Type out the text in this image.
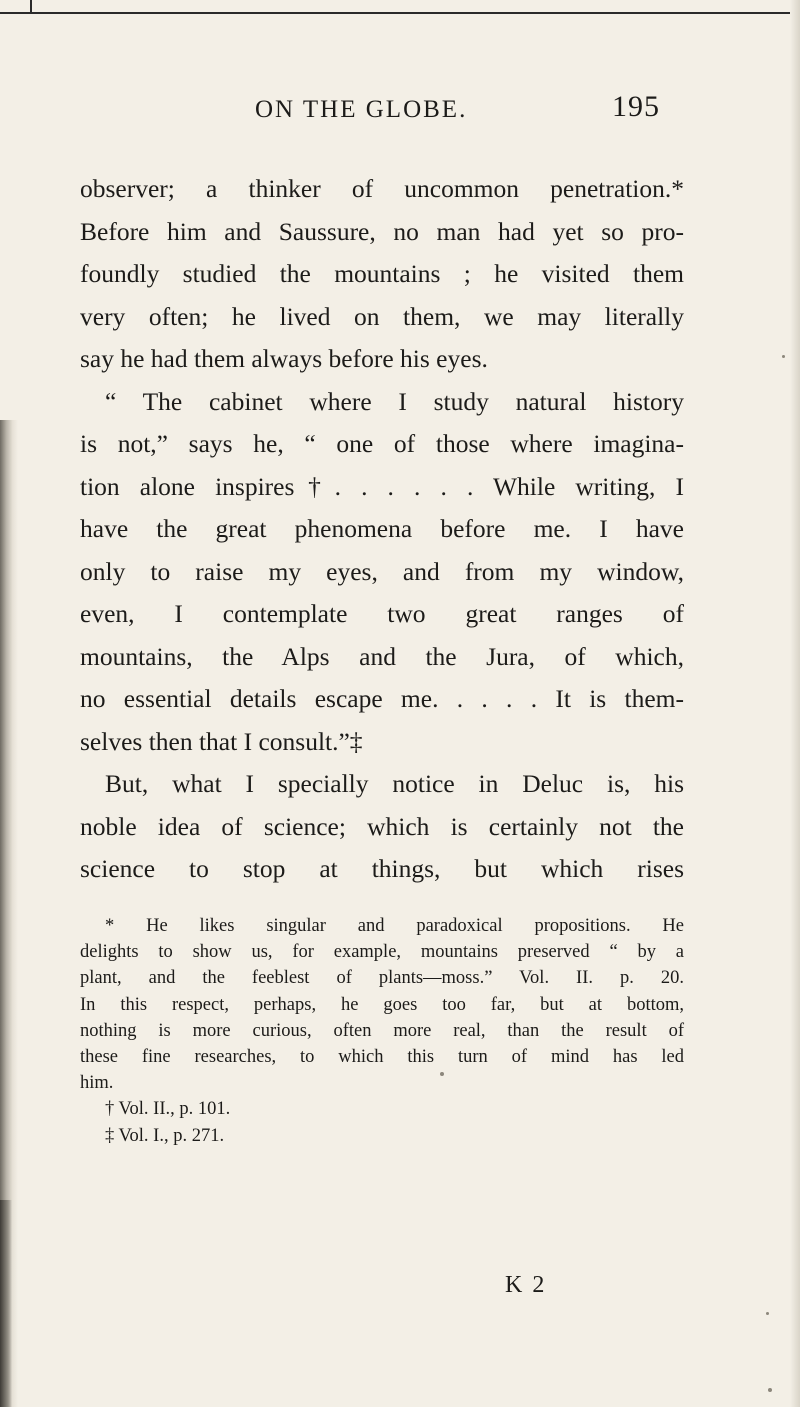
ON THE GLOBE.	195
observer; a thinker of uncommon penetration.*
Before him and Saussure, no man had yet so pro-
foundly studied the mountains ; he visited them
very often; he lived on them, we may literally
say he had them always before his eyes.
“ The cabinet where I study natural history
is not,” says he, “ one of those where imagina-
tion alone inspires†. . . . . . While writing, I
have the great phenomena before me. I have
only to raise my eyes, and from my window,
even, I contemplate two great ranges of
mountains, the Alps and the Jura, of which,
no essential details escape me. . . . . It is them-
selves then that I consult.”‡
But, what I specially notice in Deluc is, his
noble idea of science; which is certainly not the
science to stop at things, but which rises
* He likes singular and paradoxical propositions. He
delights to show us, for example, mountains preserved “ by a
plant, and the feeblest of plants—moss.” Vol. II. p. 20.
In this respect, perhaps, he goes too far, but at bottom,
nothing is more curious, often more real, than the result of
these fine researches, to which this turn of mind has led
him.
† Vol. II., p. 101.
‡ Vol. I., p. 271.
K 2
